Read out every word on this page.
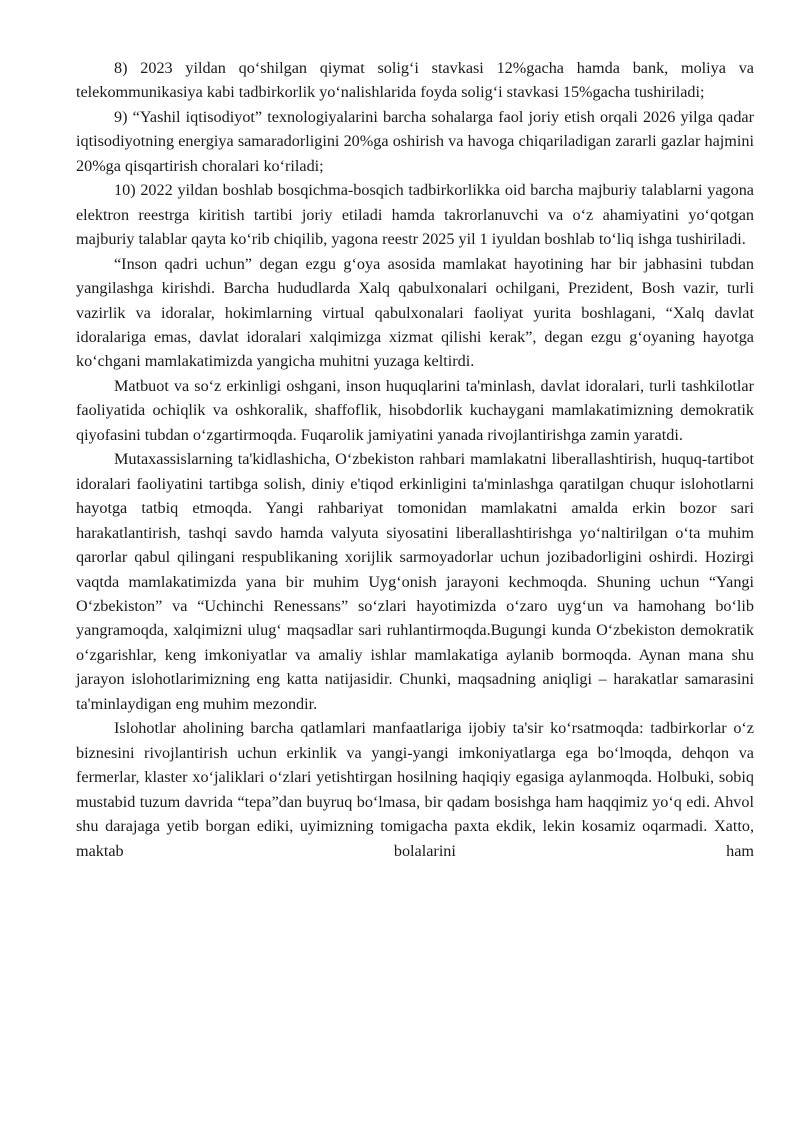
8) 2023 yildan qo‘shilgan qiymat solig‘i stavkasi 12%gacha hamda bank, moliya va telekommunikasiya kabi tadbirkorlik yo‘nalishlarida foyda solig‘i stavkasi 15%gacha tushiriladi;

9) “Yashil iqtisodiyot” texnologiyalarini barcha sohalarga faol joriy etish orqali 2026 yilga qadar iqtisodiyotning energiya samaradorligini 20%ga oshirish va havoga chiqariladigan zararli gazlar hajmini 20%ga qisqartirish choralari ko‘riladi;

10) 2022 yildan boshlab bosqichma-bosqich tadbirkorlikka oid barcha majburiy talablarni yagona elektron reestrga kiritish tartibi joriy etiladi hamda takrorlanuvchi va o‘z ahamiyatini yo‘qotgan majburiy talablar qayta ko‘rib chiqilib, yagona reestr 2025 yil 1 iyuldan boshlab to‘liq ishga tushiriladi.

“Inson qadri uchun” degan ezgu g‘oya asosida mamlakat hayotining har bir jabhasini tubdan yangilashga kirishdi. Barcha hududlarda Xalq qabulxonalari ochilgani, Prezident, Bosh vazir, turli vazirlik va idoralar, hokimlarning virtual qabulxonalari faoliyat yurita boshlagani, “Xalq davlat idoralariga emas, davlat idoralari xalqimizga xizmat qilishi kerak”, degan ezgu g‘oyaning hayotga ko‘chgani mamlakatimizda yangicha muhitni yuzaga keltirdi.

Matbuot va so‘z erkinligi oshgani, inson huquqlarini ta'minlash, davlat idoralari, turli tashkilotlar faoliyatida ochiqlik va oshkoralik, shaffoflik, hisobdorlik kuchaygani mamlakatimizning demokratik qiyofasini tubdan o‘zgartirmoqda. Fuqarolik jamiyatini yanada rivojlantirishga zamin yaratdi.

Mutaxassislarning ta'kidlashicha, O‘zbekiston rahbari mamlakatni liberallashtirish, huquq-tartibot idoralari faoliyatini tartibga solish, diniy e'tiqod erkinligini ta'minlashga qaratilgan chuqur islohotlarni hayotga tatbiq etmoqda. Yangi rahbariyat tomonidan mamlakatni amalda erkin bozor sari harakatlantirish, tashqi savdo hamda valyuta siyosatini liberallashtirishga yo‘naltirilgan o‘ta muhim qarorlar qabul qilingani respublikaning xorijlik sarmoyadorlar uchun jozibadorligini oshirdi. Hozirgi vaqtda mamlakatimizda yana bir muhim Uyg‘onish jarayoni kechmoqda. Shuning uchun “Yangi O‘zbekiston” va “Uchinchi Renessans” so‘zlari hayotimizda o‘zaro uyg‘un va hamohang bo‘lib yangramoqda, xalqimizni ulug‘ maqsadlar sari ruhlantirmoqda.Bugungi kunda O‘zbekiston demokratik o‘zgarishlar, keng imkoniyatlar va amaliy ishlar mamlakatiga aylanib bormoqda. Aynan mana shu jarayon islohotlarimizning eng katta natijasidir. Chunki, maqsadning aniqligi – harakatlar samarasini ta'minlaydigan eng muhim mezondir.

Islohotlar aholining barcha qatlamlari manfaatlariga ijobiy ta'sir ko‘rsatmoqda: tadbirkorlar o‘z biznesini rivojlantirish uchun erkinlik va yangi-yangi imkoniyatlarga ega bo‘lmoqda, dehqon va fermerlar, klaster xo‘jaliklari o‘zlari yetishtirgan hosilning haqiqiy egasiga aylanmoqda. Holbuki, sobiq mustabid tuzum davrida “tepa”dan buyruq bo‘lmasa, bir qadam bosishga ham haqqimiz yo‘q edi. Ahvol shu darajaga yetib borgan ediki, uyimizning tomigacha paxta ekdik, lekin kosamiz oqarmadi. Xatto, maktab bolalarini ham
